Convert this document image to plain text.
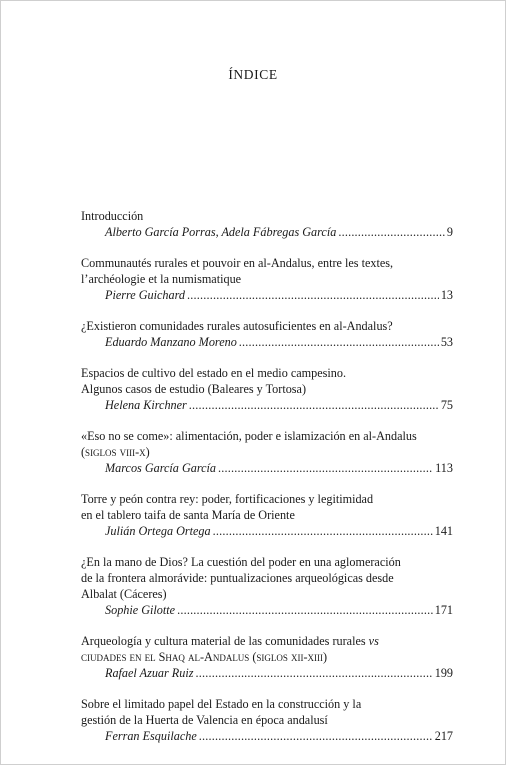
ÍNDICE
Introducción
Alberto García Porras, Adela Fábregas García .....	9
Communautés rurales et pouvoir en al-Andalus, entre les textes,
l’archéologie et la numismatique
Pierre Guichard .....	13
¿Existieron comunidades rurales autosuficientes en al-Andalus?
Eduardo Manzano Moreno .....	53
Espacios de cultivo del estado en el medio campesino.
Algunos casos de estudio (Baleares y Tortosa)
Helena Kirchner .....	75
«Eso no se come»: alimentación, poder e islamización en al-Andalus
(siglos viii-x)
Marcos García García .....	113
Torre y peón contra rey: poder, fortificaciones y legitimidad
en el tablero taifa de santa María de Oriente
Julián Ortega Ortega .....	141
¿En la mano de Dios? La cuestión del poder en una aglomeración
de la frontera almorávide: puntualizaciones arqueológicas desde
Albalat (Cáceres)
Sophie Gilotte .....	171
Arqueología y cultura material de las comunidades rurales vs
ciudades en el Shaq al-Andalus (siglos xii-xiii)
Rafael Azuar Ruiz .....	199
Sobre el limitado papel del Estado en la construcción y la
gestión de la Huerta de Valencia en época andalusí
Ferran Esquilache .....	217
